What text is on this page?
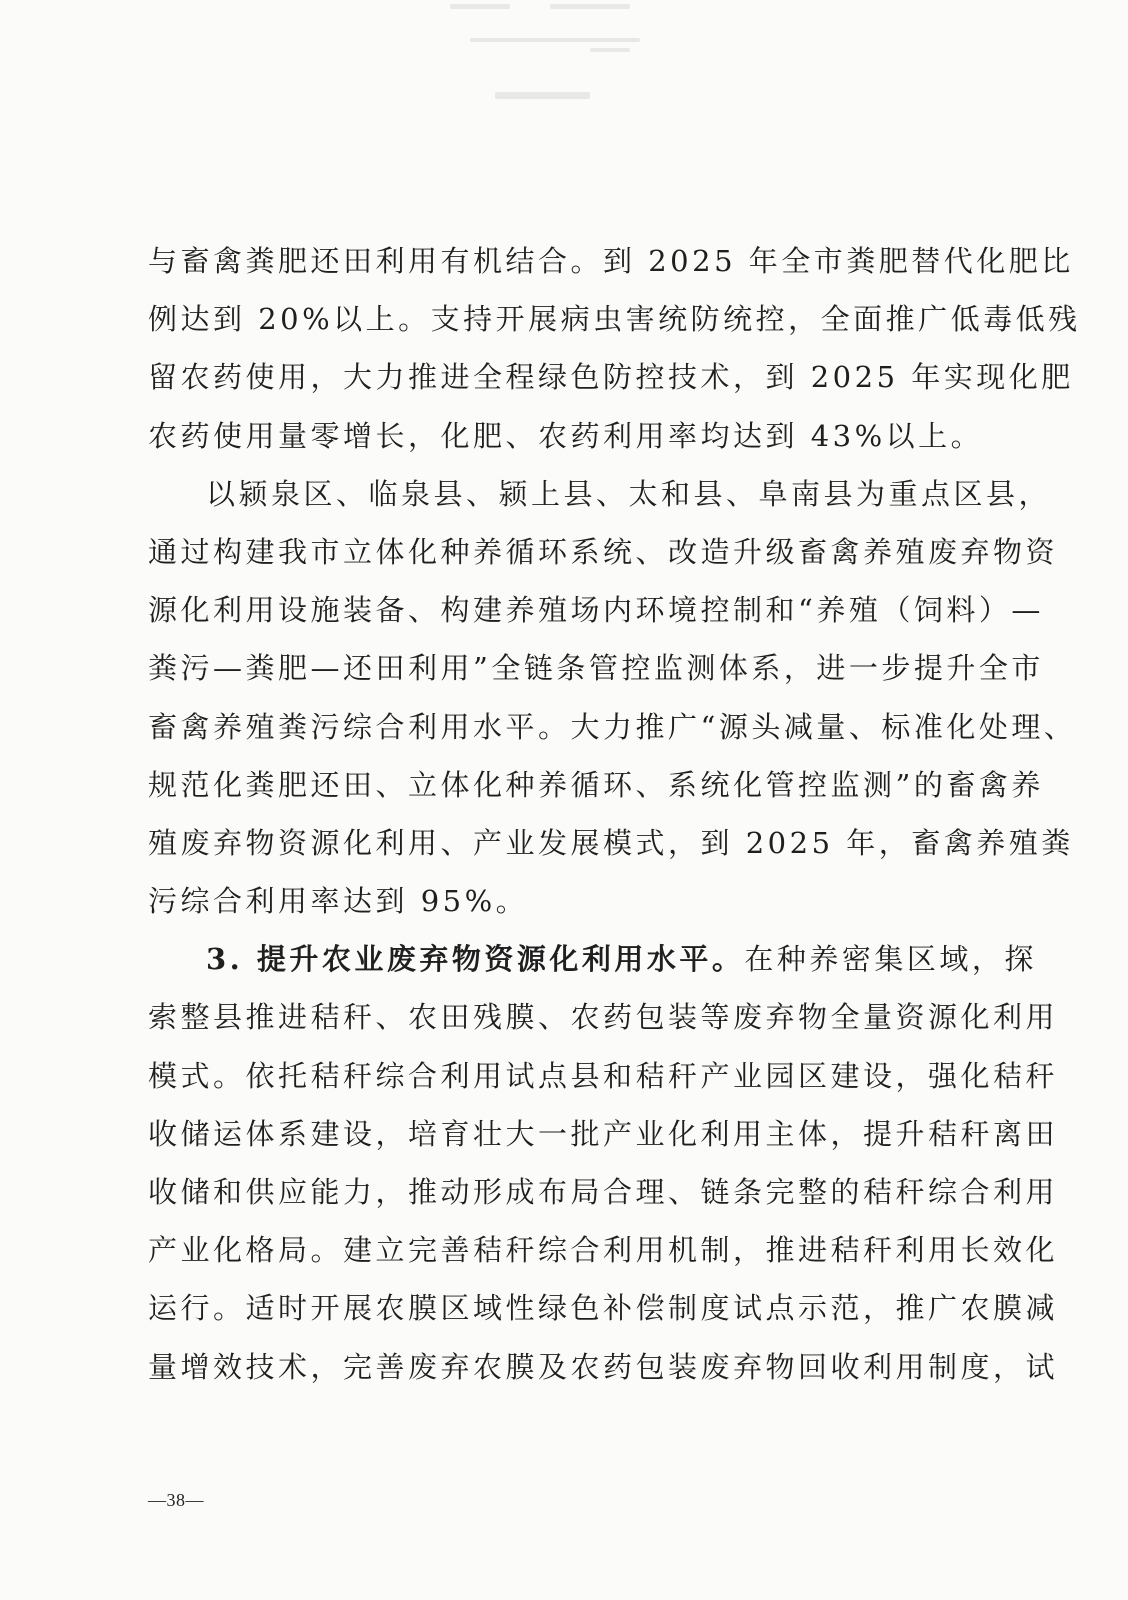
与畜禽粪肥还田利用有机结合。到 2025 年全市粪肥替代化肥比
例达到 20%以上。支持开展病虫害统防统控，全面推广低毒低残
留农药使用，大力推进全程绿色防控技术，到 2025 年实现化肥
农药使用量零增长，化肥、农药利用率均达到 43%以上。
以颍泉区、临泉县、颍上县、太和县、阜南县为重点区县，
通过构建我市立体化种养循环系统、改造升级畜禽养殖废弃物资
源化利用设施装备、构建养殖场内环境控制和“养殖（饲料）—
粪污—粪肥—还田利用”全链条管控监测体系，进一步提升全市
畜禽养殖粪污综合利用水平。大力推广“源头减量、标准化处理、
规范化粪肥还田、立体化种养循环、系统化管控监测”的畜禽养
殖废弃物资源化利用、产业发展模式，到 2025 年，畜禽养殖粪
污综合利用率达到 95%。
3. 提升农业废弃物资源化利用水平。在种养密集区域，探
索整县推进秸秆、农田残膜、农药包装等废弃物全量资源化利用
模式。依托秸秆综合利用试点县和秸秆产业园区建设，强化秸秆
收储运体系建设，培育壮大一批产业化利用主体，提升秸秆离田
收储和供应能力，推动形成布局合理、链条完整的秸秆综合利用
产业化格局。建立完善秸秆综合利用机制，推进秸秆利用长效化
运行。适时开展农膜区域性绿色补偿制度试点示范，推广农膜减
量增效技术，完善废弃农膜及农药包装废弃物回收利用制度，试
—38—
